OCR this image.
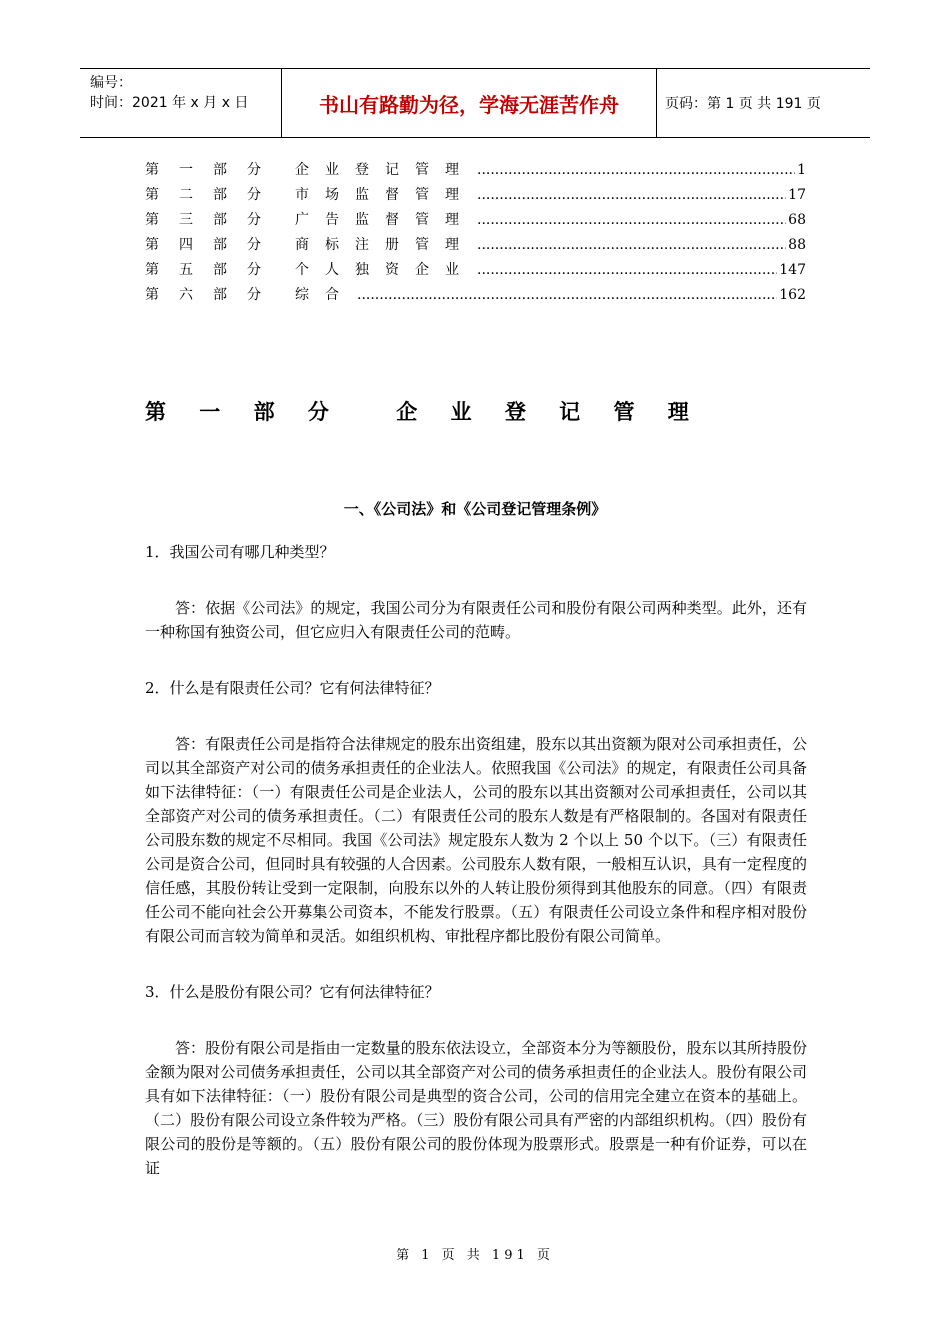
编号：
时间：2021 年 x 月 x 日	书山有路勤为径，学海无涯苦作舟	页码：第 1 页 共 191 页
第一部分	企业登记管理 .....	1
第二部分	市场监督管理 .....	17
第三部分	广告监督管理 .....	68
第四部分	商标注册管理 .....	88
第五部分	个人独资企业 .....	147
第六部分	综合 .....	162
第 一 部 分　 企 业 登 记 管 理
一、《公司法》和《公司登记管理条例》

1．我国公司有哪几种类型？

答：依据《公司法》的规定，我国公司分为有限责任公司和股份有限公司两种类型。此外，还有一种称国有独资公司，但它应归入有限责任公司的范畴。

2．什么是有限责任公司？它有何法律特征？

答：有限责任公司是指符合法律规定的股东出资组建，股东以其出资额为限对公司承担责任，公司以其全部资产对公司的债务承担责任的企业法人。依照我国《公司法》的规定，有限责任公司具备如下法律特征：（一）有限责任公司是企业法人，公司的股东以其出资额对公司承担责任，公司以其全部资产对公司的债务承担责任。（二）有限责任公司的股东人数是有严格限制的。各国对有限责任公司股东数的规定不尽相同。我国《公司法》规定股东人数为 2 个以上 50 个以下。（三）有限责任公司是资合公司，但同时具有较强的人合因素。公司股东人数有限，一般相互认识，具有一定程度的信任感，其股份转让受到一定限制，向股东以外的人转让股份须得到其他股东的同意。（四）有限责任公司不能向社会公开募集公司资本，不能发行股票。（五）有限责任公司设立条件和程序相对股份有限公司而言较为简单和灵活。如组织机构、审批程序都比股份有限公司简单。

3．什么是股份有限公司？它有何法律特征？

答：股份有限公司是指由一定数量的股东依法设立，全部资本分为等额股份，股东以其所持股份金额为限对公司债务承担责任，公司以其全部资产对公司的债务承担责任的企业法人。股份有限公司具有如下法律特征：（一）股份有限公司是典型的资合公司，公司的信用完全建立在资本的基础上。（二）股份有限公司设立条件较为严格。（三）股份有限公司具有严密的内部组织机构。（四）股份有限公司的股份是等额的。（五）股份有限公司的股份体现为股票形式。股票是一种有价证券，可以在证

第 1 页 共 191 页
